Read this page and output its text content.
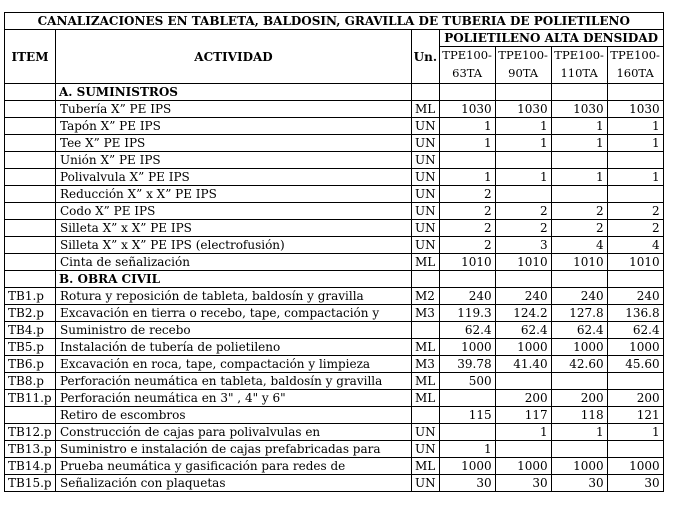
CANALIZACIONES EN TABLETA, BALDOSIN, GRAVILLA DE TUBERIA DE POLIETILENO						
ITEM	ACTIVIDAD	Un.	POLIETILENO ALTA DENSIDAD			
			TPE100-	TPE100-	TPE100-	TPE100-
			63TA	90TA	110TA	160TA
	A. SUMINISTROS					
	Tubería X” PE IPS	ML	1030	1030	1030	1030
	Tapón X” PE IPS	UN	1	1	1	1
	Tee X” PE IPS	UN	1	1	1	1
	Unión X” PE IPS	UN				
	Polivalvula X” PE IPS	UN	1	1	1	1
	Reducción X” x X” PE IPS	UN	2			
	Codo X” PE IPS	UN	2	2	2	2
	Silleta X” x X” PE IPS	UN	2	2	2	2
	Silleta X” x X” PE IPS (electrofusión)	UN	2	3	4	4
	Cinta de señalización	ML	1010	1010	1010	1010
	B. OBRA CIVIL					
TB1.p	Rotura y reposición de tableta, baldosín y gravilla	M2	240	240	240	240
TB2.p	Excavación en tierra o recebo, tape, compactación y	M3	119.3	124.2	127.8	136.8
TB4.p	Suministro de recebo		62.4	62.4	62.4	62.4
TB5.p	Instalación de tubería de polietileno	ML	1000	1000	1000	1000
TB6.p	Excavación en roca, tape, compactación y limpieza	M3	39.78	41.40	42.60	45.60
TB8.p	Perforación neumática en tableta, baldosín y gravilla	ML	500			
TB11.p	Perforación neumática en 3" , 4" y 6"	ML		200	200	200
	Retiro de escombros		115	117	118	121
TB12.p	Construcción de cajas para polivalvulas en	UN		1	1	1
TB13.p	Suministro e instalación de cajas prefabricadas para	UN	1			
TB14.p	Prueba neumática y gasificación para redes de	ML	1000	1000	1000	1000
TB15.p	Señalización con plaquetas	UN	30	30	30	30
